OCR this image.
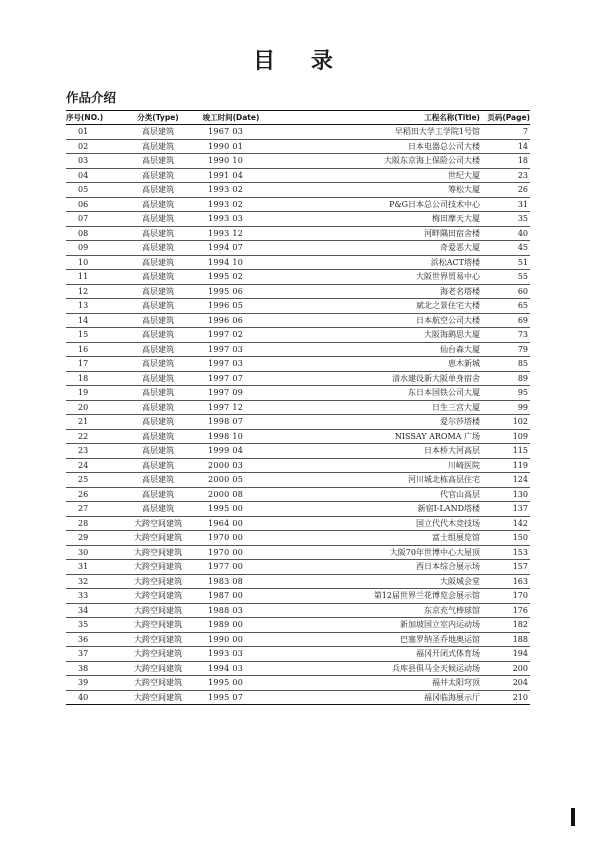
目 录
作品介绍
序号(NO.)	分类(Type)	竣工时间(Date)	工程名称(Title)	页码(Page)
01	高层建筑	1967 03	早稻田大学工学院1号馆	7
02	高层建筑	1990 01	日本电器总公司大楼	14
03	高层建筑	1990 10	大阪东京海上保险公司大楼	18
04	高层建筑	1991 04	世纪大厦	23
05	高层建筑	1993 02	筹松大厦	26
06	高层建筑	1993 02	P&G日本总公司技术中心	31
07	高层建筑	1993 03	梅田摩天大厦	35
08	高层建筑	1993 12	河畔隅田宿舍楼	40
09	高层建筑	1994 07	奇爱恶大厦	45
10	高层建筑	1994 10	浜松ACT塔楼	51
11	高层建筑	1995 02	大阪世界贸易中心	55
12	高层建筑	1995 06	海老名塔楼	60
13	高层建筑	1996 05	斌北之景住宅大楼	65
14	高层建筑	1996 06	日本航空公司大楼	69
15	高层建筑	1997 02	大阪海鹞思大厦	73
16	高层建筑	1997 03	仙台森大厦	79
17	高层建筑	1997 03	恵木新城	85
18	高层建筑	1997 07	清水建设新大阪单身宿舍	89
19	高层建筑	1997 09	东日本国铁公司大厦	95
20	高层建筑	1997 12	日生三宫大厦	99
21	高层建筑	1998 07	爱尔莎塔楼	102
22	高层建筑	1998 10	NISSAY AROMA 广场	109
23	高层建筑	1999 04	日本桥大河高层	115
24	高层建筑	2000 03	川崎医院	119
25	高层建筑	2000 05	河川城北栋高层住宅	124
26	高层建筑	2000 08	代官山高层	130
27	高层建筑	1995 00	新宿I-LAND塔楼	137
28	大跨空间建筑	1964 00	国立代代木竞技场	142
29	大跨空间建筑	1970 00	富士组展览馆	150
30	大跨空间建筑	1970 00	大阪70年世博中心大屋顶	153
31	大跨空间建筑	1977 00	西日本综合展示场	157
32	大跨空间建筑	1983 08	大阪城会堂	163
33	大跨空间建筑	1987 00	第12届世界兰花博览会展示馆	170
34	大跨空间建筑	1988 03	东京充气棒球馆	176
35	大跨空间建筑	1989 00	新加坡国立室内运动场	182
36	大跨空间建筑	1990 00	巴塞罗纳圣乔地奥运馆	188
37	大跨空间建筑	1993 03	福冈开闭式体育场	194
38	大跨空间建筑	1994 03	兵库县俱马全天候运动场	200
39	大跨空间建筑	1995 00	福井太阳穹顶	204
40	大跨空间建筑	1995 07	福冈临海展示厅	210
